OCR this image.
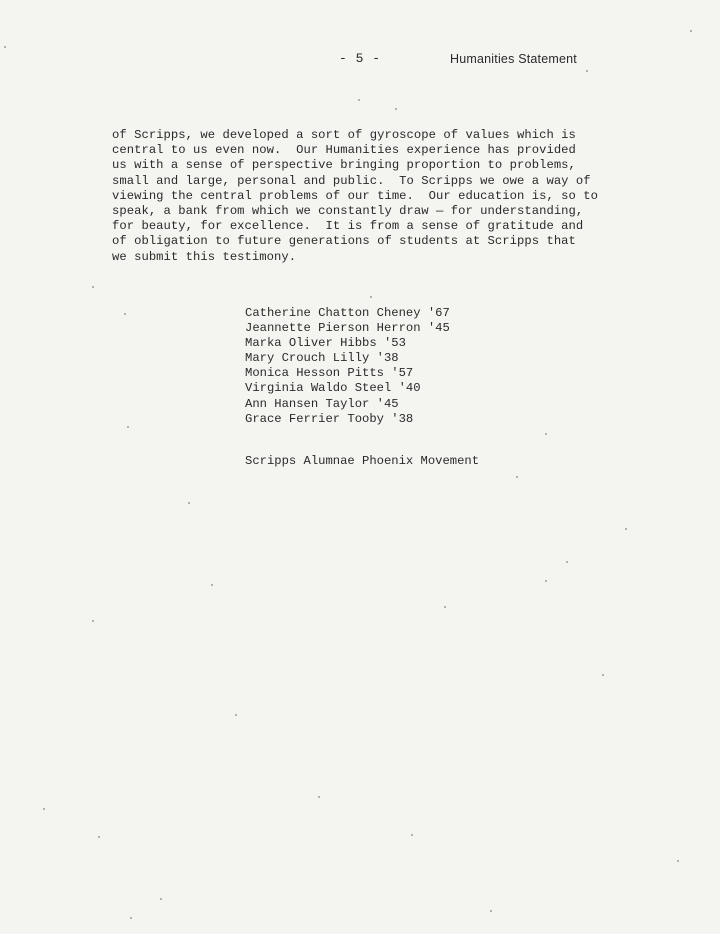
- 5 -	Humanities Statement
of Scripps, we developed a sort of gyroscope of values which is
central to us even now.  Our Humanities experience has provided
us with a sense of perspective bringing proportion to problems,
small and large, personal and public.  To Scripps we owe a way of
viewing the central problems of our time.  Our education is, so to
speak, a bank from which we constantly draw — for understanding,
for beauty, for excellence.  It is from a sense of gratitude and
of obligation to future generations of students at Scripps that
we submit this testimony.
Catherine Chatton Cheney '67
Jeannette Pierson Herron '45
Marka Oliver Hibbs '53
Mary Crouch Lilly '38
Monica Hesson Pitts '57
Virginia Waldo Steel '40
Ann Hansen Taylor '45
Grace Ferrier Tooby '38
Scripps Alumnae Phoenix Movement
